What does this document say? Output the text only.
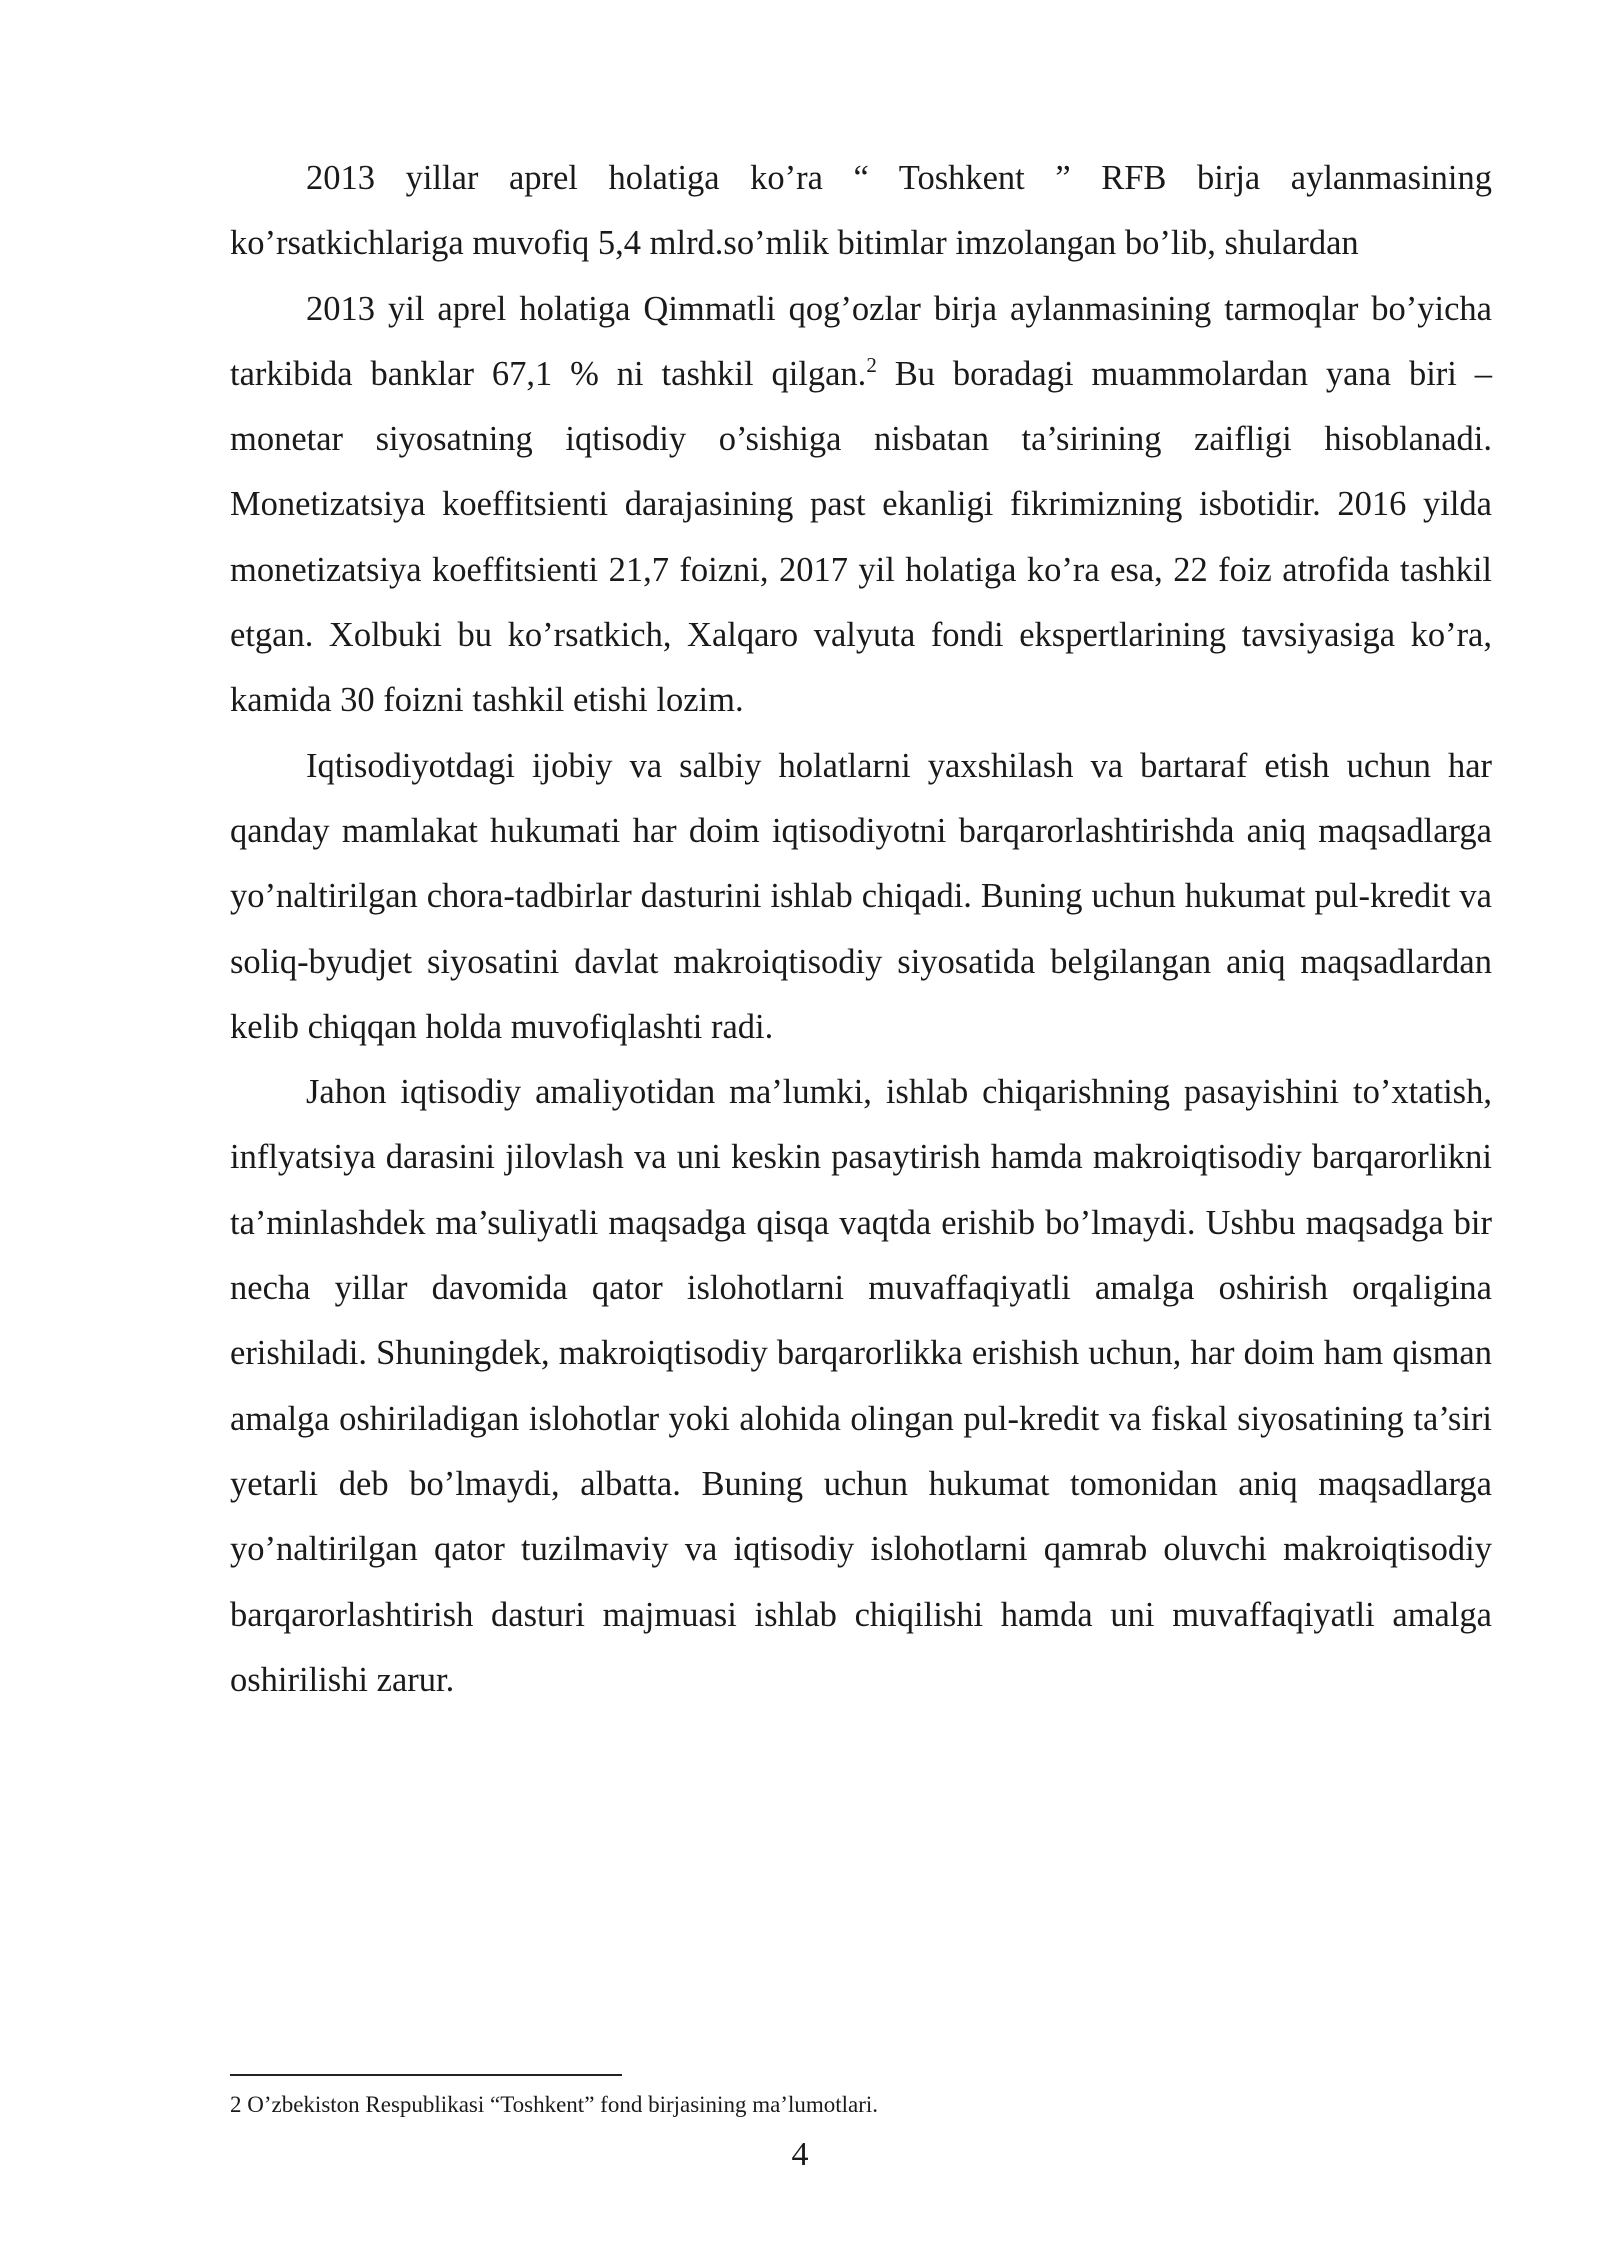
2013 yillar aprel holatiga ko’ra “ Toshkent ” RFB birja aylanmasining ko’rsatkichlariga muvofiq 5,4 mlrd.so’mlik bitimlar imzolangan bo’lib, shulardan

2013 yil aprel holatiga Qimmatli qog’ozlar birja aylanmasining tarmoqlar bo’yicha tarkibida banklar 67,1 % ni tashkil qilgan.$^2$ Bu boradagi muammolardan yana biri – monetar siyosatning iqtisodiy o’sishiga nisbatan ta’sirining zaifligi hisoblanadi. Monetizatsiya koeffitsienti darajasining past ekanligi fikrimizning isbotidir. 2016 yilda monetizatsiya koeffitsienti 21,7 foizni, 2017 yil holatiga ko’ra esa, 22 foiz atrofida tashkil etgan. Xolbuki bu ko’rsatkich, Xalqaro valyuta fondi ekspertlarining tavsiyasiga ko’ra, kamida 30 foizni tashkil etishi lozim.

Iqtisodiyotdagi ijobiy va salbiy holatlarni yaxshilash va bartaraf etish uchun har qanday mamlakat hukumati har doim iqtisodiyotni barqarorlashtirishda aniq maqsadlarga yo’naltirilgan chora-tadbirlar dasturini ishlab chiqadi. Buning uchun hukumat pul-kredit va soliq-byudjet siyosatini davlat makroiqtisodiy siyosatida belgilangan aniq maqsadlardan kelib chiqqan holda muvofiqlashti radi.

Jahon iqtisodiy amaliyotidan ma’lumki, ishlab chiqarishning pasayishini to’xtatish, inflyatsiya darasini jilovlash va uni keskin pasaytirish hamda makroiqtisodiy barqarorlikni ta’minlashdek ma’suliyatli maqsadga qisqa vaqtda erishib bo’lmaydi. Ushbu maqsadga bir necha yillar davomida qator islohotlarni muvaffaqiyatli amalga oshirish orqaligina erishiladi. Shuningdek, makroiqtisodiy barqarorlikka erishish uchun, har doim ham qisman amalga oshiriladigan islohotlar yoki alohida olingan pul-kredit va fiskal siyosatining ta’siri yetarli deb bo’lmaydi, albatta. Buning uchun hukumat tomonidan aniq maqsadlarga yo’naltirilgan qator tuzilmaviy va iqtisodiy islohotlarni qamrab oluvchi makroiqtisodiy barqarorlashtirish dasturi majmuasi ishlab chiqilishi hamda uni muvaffaqiyatli amalga oshirilishi zarur.

2 O’zbekiston Respublikasi “Toshkent” fond birjasining ma’lumotlari.
4
